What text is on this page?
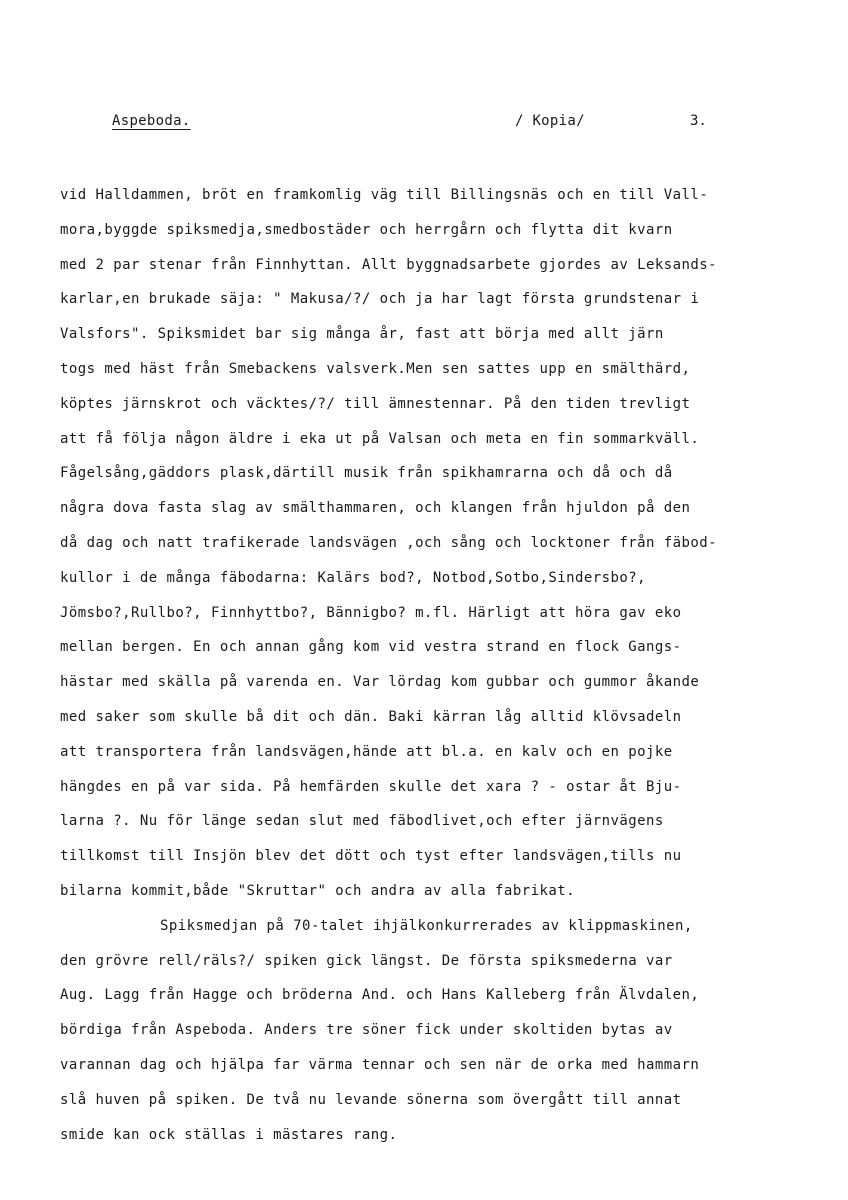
Aspeboda.	/ Kopia/	3.
vid Halldammen, bröt en framkomlig väg till Billingsnäs och en till Vall-
mora,byggde spiksmedja,smedbostäder och herrgårn och flytta dit kvarn
med 2 par stenar från Finnhyttan. Allt byggnadsarbete gjordes av Leksands-
karlar,en brukade säja: " Makusa/?/ och ja har lagt första grundstenar i
Valsfors". Spiksmidet bar sig många år, fast att börja med allt järn
togs med häst från Smebackens valsverk.Men sen sattes upp en smälthärd,
köptes järnskrot och väcktes/?/ till ämnestennar. På den tiden trevligt
att få följa någon äldre i eka ut på Valsan och meta en fin sommarkväll.
Fågelsång,gäddors plask,därtill musik från spikhamrarna och då och då
några dova fasta slag av smälthammaren, och klangen från hjuldon på den
då dag och natt trafikerade landsvägen ,och sång och locktoner från fäbod-
kullor i de många fäbodarna: Kalärs bod?, Notbod,Sotbo,Sindersbo?,
Jömsbo?,Rullbo?, Finnhyttbo?, Bännigbo? m.fl. Härligt att höra gav eko
mellan bergen. En och annan gång kom vid vestra strand en flock Gangs-
hästar med skälla på varenda en. Var lördag kom gubbar och gummor åkande
med saker som skulle bå dit och dän. Baki kärran låg alltid klövsadeln
att transportera från landsvägen,hände att bl.a. en kalv och en pojke
hängdes en på var sida. På hemfärden skulle det xara ? - ostar åt Bju-
larna ?. Nu för länge sedan slut med fäbodlivet,och efter järnvägens
tillkomst till Insjön blev det dött och tyst efter landsvägen,tills nu
bilarna kommit,både "Skruttar" och andra av alla fabrikat.
Spiksmedjan på 70-talet ihjälkonkurrerades av klippmaskinen,
den grövre rell/räls?/ spiken gick längst. De första spiksmederna var
Aug. Lagg från Hagge och bröderna And. och Hans Kalleberg från Älvdalen,
bördiga från Aspeboda. Anders tre söner fick under skoltiden bytas av
varannan dag och hjälpa far värma tennar och sen när de orka med hammarn
slå huven på spiken. De två nu levande sönerna som övergått till annat
smide kan ock ställas i mästares rang.
